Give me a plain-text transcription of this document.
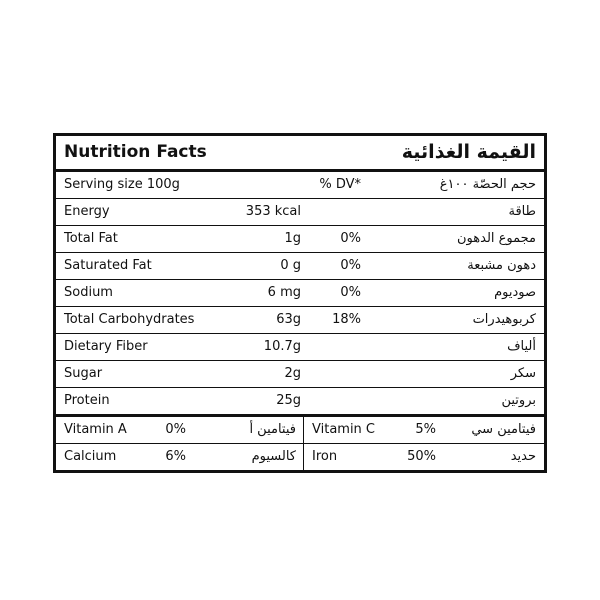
Nutrition Facts	القيمة الغذائية
Serving size 100g	% DV*	حجم الحصّة ١٠٠غ
Energy	353 kcal	طاقة
Total Fat	1g	0%	مجموع الدهون
Saturated Fat	0 g	0%	دهون مشبعة
Sodium	6 mg	0%	صوديوم
Total Carbohydrates	63g	18%	كربوهيدرات
Dietary Fiber	10.7g	ألياف
Sugar	2g	سكر
Protein	25g	بروتين
Vitamin A	0%	فيتامين أ Vitamin C	5%	فيتامين سي
Calcium	6%	كالسيوم Iron	50%	حديد
